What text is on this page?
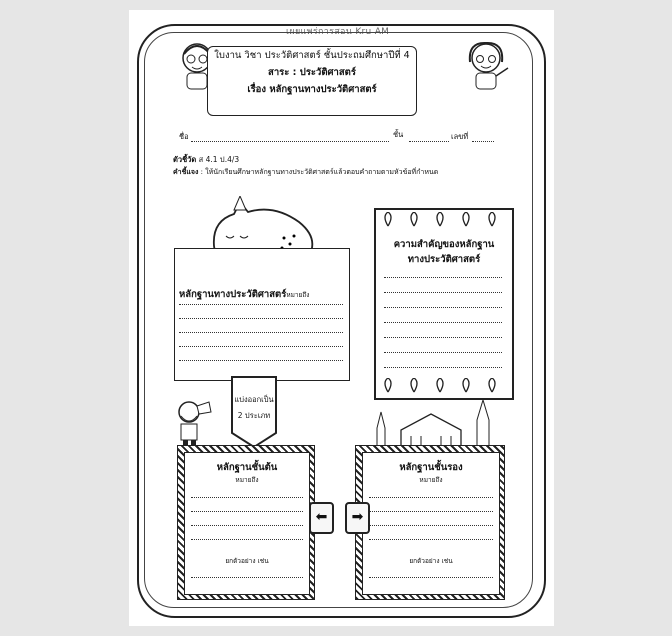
เผยแพร่การสอน Kru AM
ใบงาน วิชา ประวัติศาสตร์ ชั้นประถมศึกษาปีที่ 4
สาระ : ประวัติศาสตร์
เรื่อง หลักฐานทางประวัติศาสตร์
ชื่อ	ชั้น	เลขที่
ตัวชี้วัด ส 4.1 ป.4/3
คำชี้แจง : ให้นักเรียนศึกษาหลักฐานทางประวัติศาสตร์แล้วตอบคำถามตามหัวข้อที่กำหนด
หลักฐานทางประวัติศาสตร์หมายถึง
ความสำคัญของหลักฐาน
ทางประวัติศาสตร์
แบ่งออกเป็น
2 ประเภท
หลักฐานชั้นต้น
หมายถึง
ยกตัวอย่าง เช่น
หลักฐานชั้นรอง
หมายถึง
ยกตัวอย่าง เช่น
⬅	➡
